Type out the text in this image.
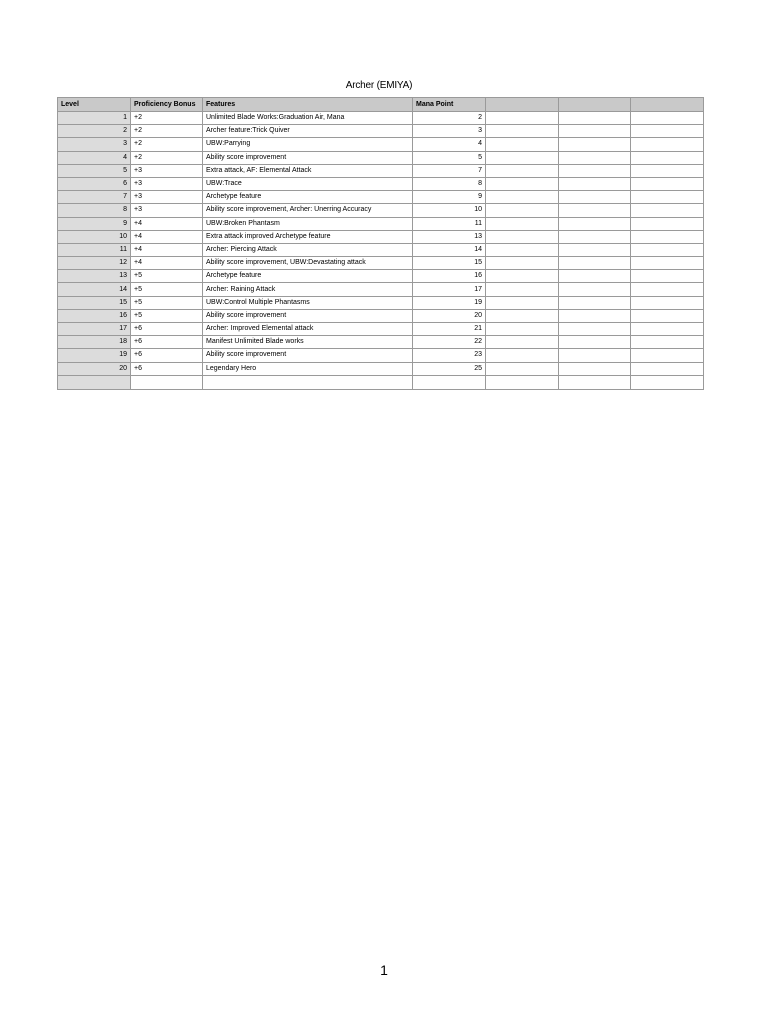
Archer (EMIYA)
Level	Proficiency Bonus	Features	Mana Point			
1	+2	Unlimited Blade Works:Graduation Air, Mana	2			
2	+2	Archer feature:Trick Quiver	3			
3	+2	UBW:Parrying	4			
4	+2	Ability score improvement	5			
5	+3	Extra attack, AF: Elemental Attack	7			
6	+3	UBW:Trace	8			
7	+3	Archetype feature	9			
8	+3	Ability score improvement, Archer: Unerring Accuracy	10			
9	+4	UBW:Broken Phantasm	11			
10	+4	Extra attack improved Archetype feature	13			
11	+4	Archer: Piercing Attack	14			
12	+4	Ability score improvement, UBW:Devastating attack	15			
13	+5	Archetype feature	16			
14	+5	Archer: Raining Attack	17			
15	+5	UBW:Control Multiple Phantasms	19			
16	+5	Ability score improvement	20			
17	+6	Archer: Improved Elemental attack	21			
18	+6	Manifest Unlimited Blade works	22			
19	+6	Ability score improvement	23			
20	+6	Legendary Hero	25			

1
